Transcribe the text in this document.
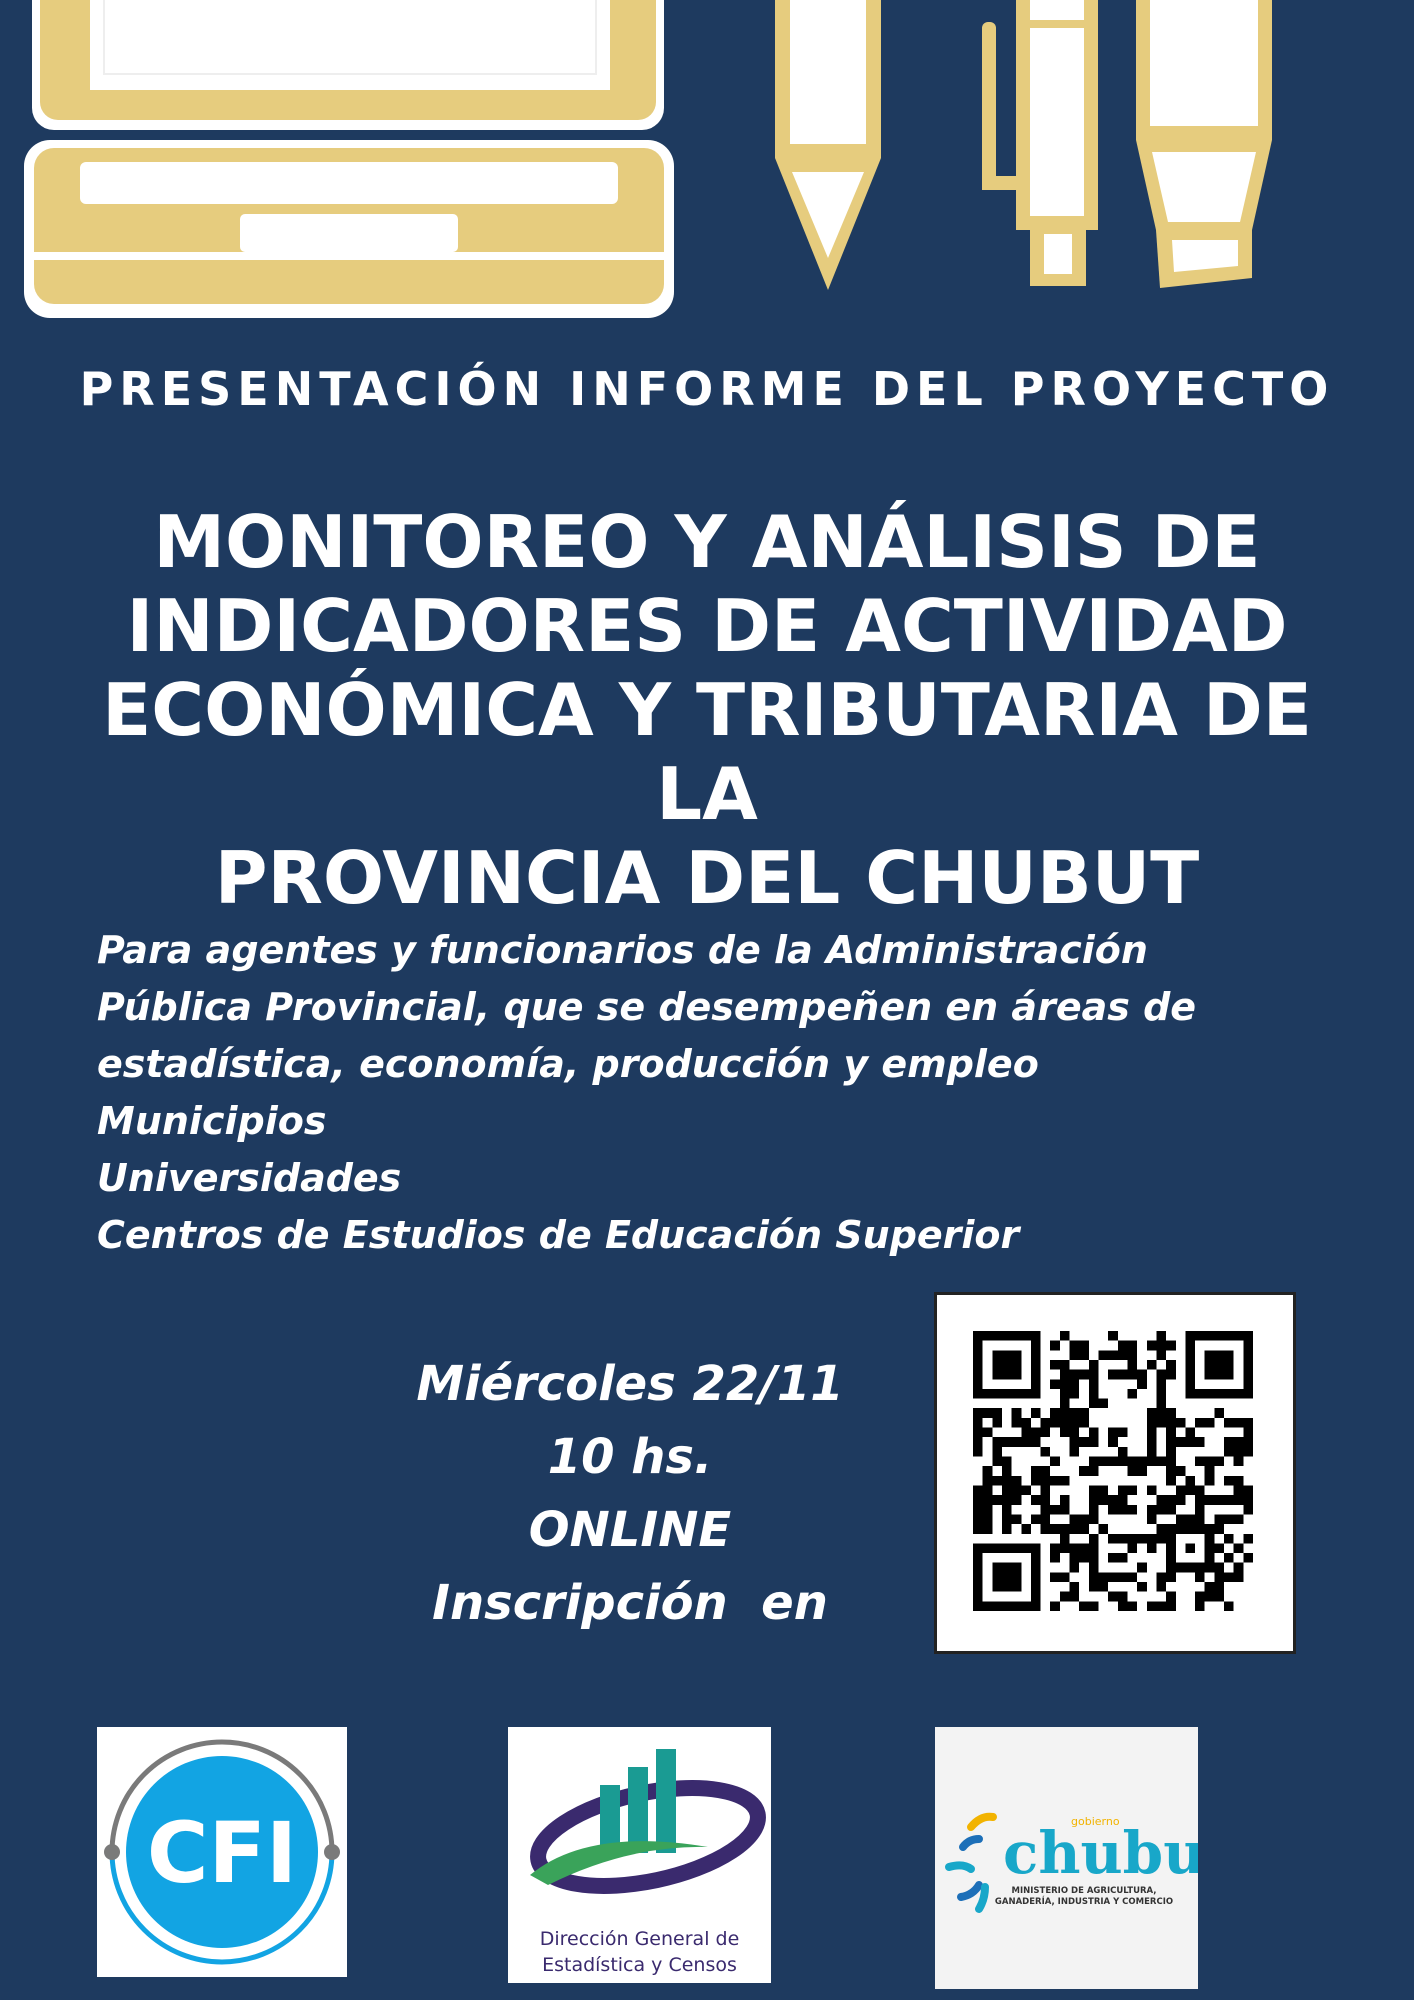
PRESENTACIÓN INFORME DEL PROYECTO
MONITOREO Y ANÁLISIS DE
INDICADORES DE ACTIVIDAD
ECONÓMICA Y TRIBUTARIA DE LA
PROVINCIA DEL CHUBUT
Para agentes y funcionarios de la Administración
Pública Provincial, que se desempeñen en áreas de
estadística, economía, producción y empleo
Municipios
Universidades
Centros de Estudios de Educación Superior
Miércoles 22/11
10 hs.
ONLINE
Inscripción  en
CFI
Dirección General de
Estadística y Censos
gobierno
chubu
MINISTERIO DE AGRICULTURA,
GANADERÍA, INDUSTRIA Y COMERCIO
